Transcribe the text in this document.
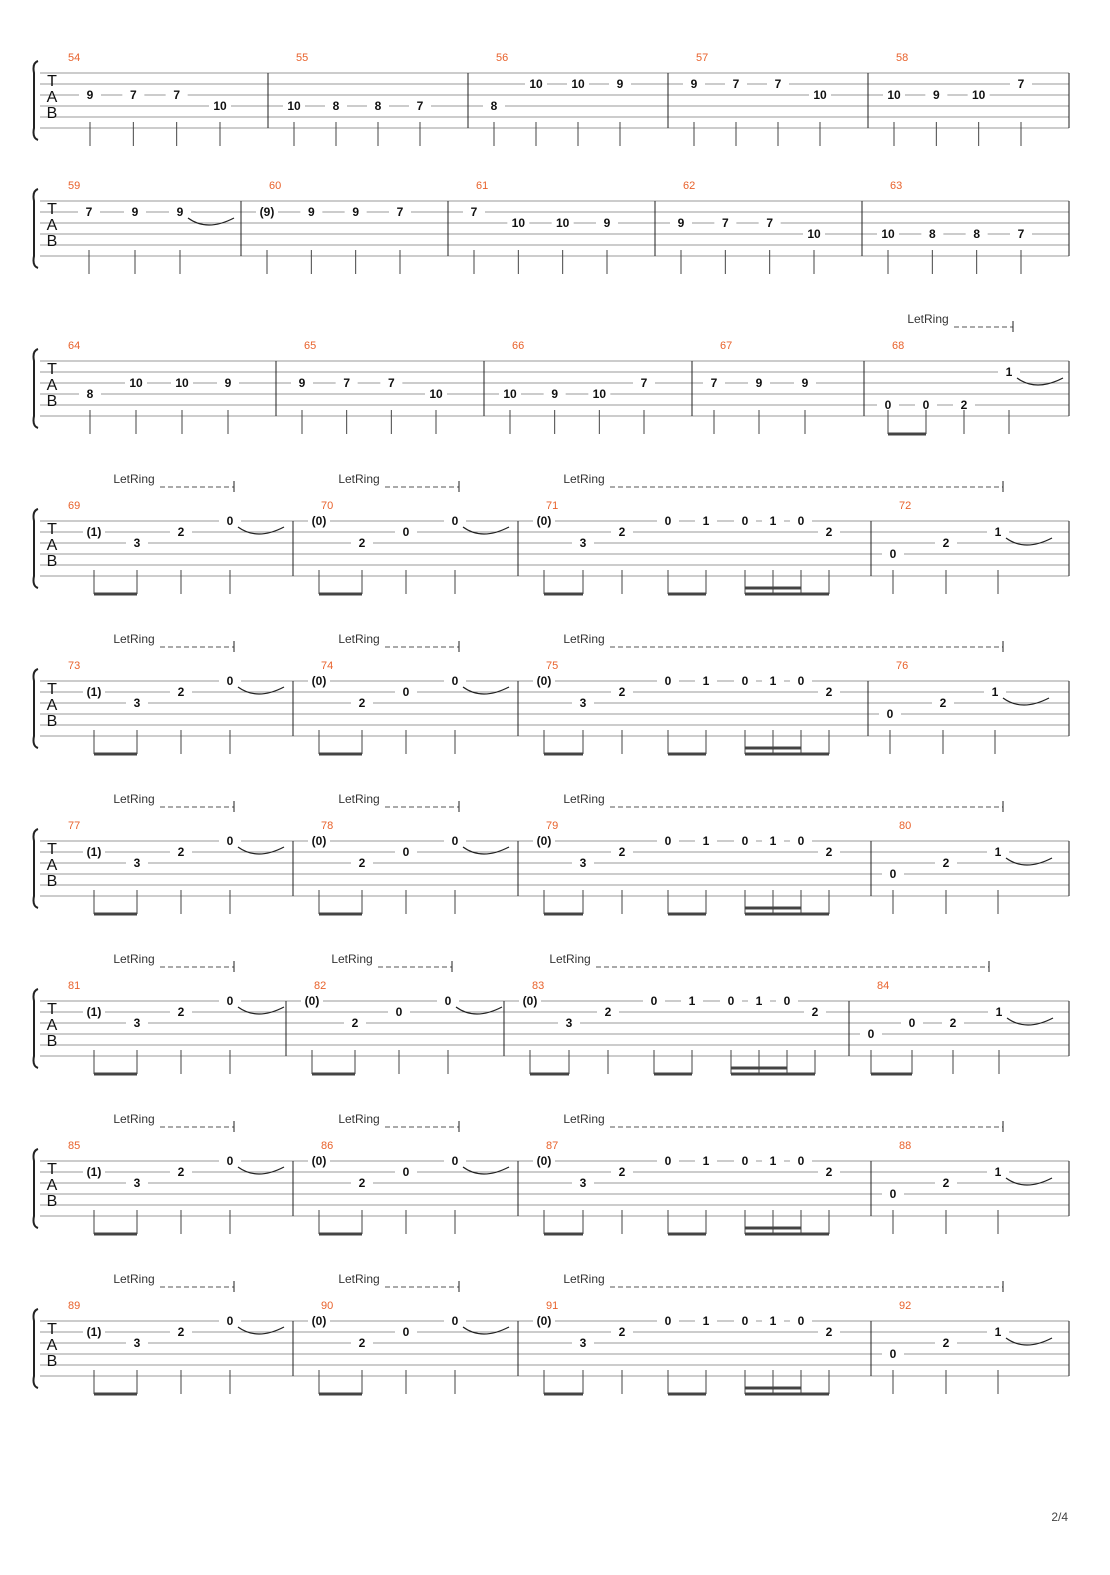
T
A
B
54
9	7	7
10
55
10	8	8	7
56
8
10 10	9
57
9	7	7
10
58
10	9	10
7
T
A
B
59
7	9	9
60
(9)	9	9	7
61
7
10	10	9
62
9	7	7
10
63
10	8	8	7
T
A
B
64
8
10	10	9
65
9	7	7
10
66
10	9	10
7
67
7	9	9
68
0	0	2
1
LetRing
T
A
B
69
(1)
3
2
0
LetRing
70
(0)
2
0
0
LetRing
71
(0)
3
2
0	1	0 1 0
2
LetRing
72
0
2
1
T
A
B
73
(1)
3
2
0
LetRing
74
(0)
2
0
0
LetRing
75
(0)
3
2
0	1	0 1 0
2
LetRing
76
0
2
1
T
A
B
77
(1)
3
2
0
LetRing
78
(0)
2
0
0
LetRing
79
(0)
3
2
0	1	0 1 0
2
LetRing
80
0
2
1
T
A
B
81
(1)
3
2
0
LetRing
82
(0)
2
0
0
LetRing
83
(0)
3
2
0	1	0 1 0
2
LetRing
84
0
0	2
1
T
A
B
85
(1)
3
2
0
LetRing
86
(0)
2
0
0
LetRing
87
(0)
3
2
0	1	0 1 0
2
LetRing
88
0
2
1
T
A
B
89
(1)
3
2
0
LetRing
90
(0)
2
0
0
LetRing
91
(0)
3
2
0	1	0 1 0
2
LetRing
92
0
2
1
2/4
